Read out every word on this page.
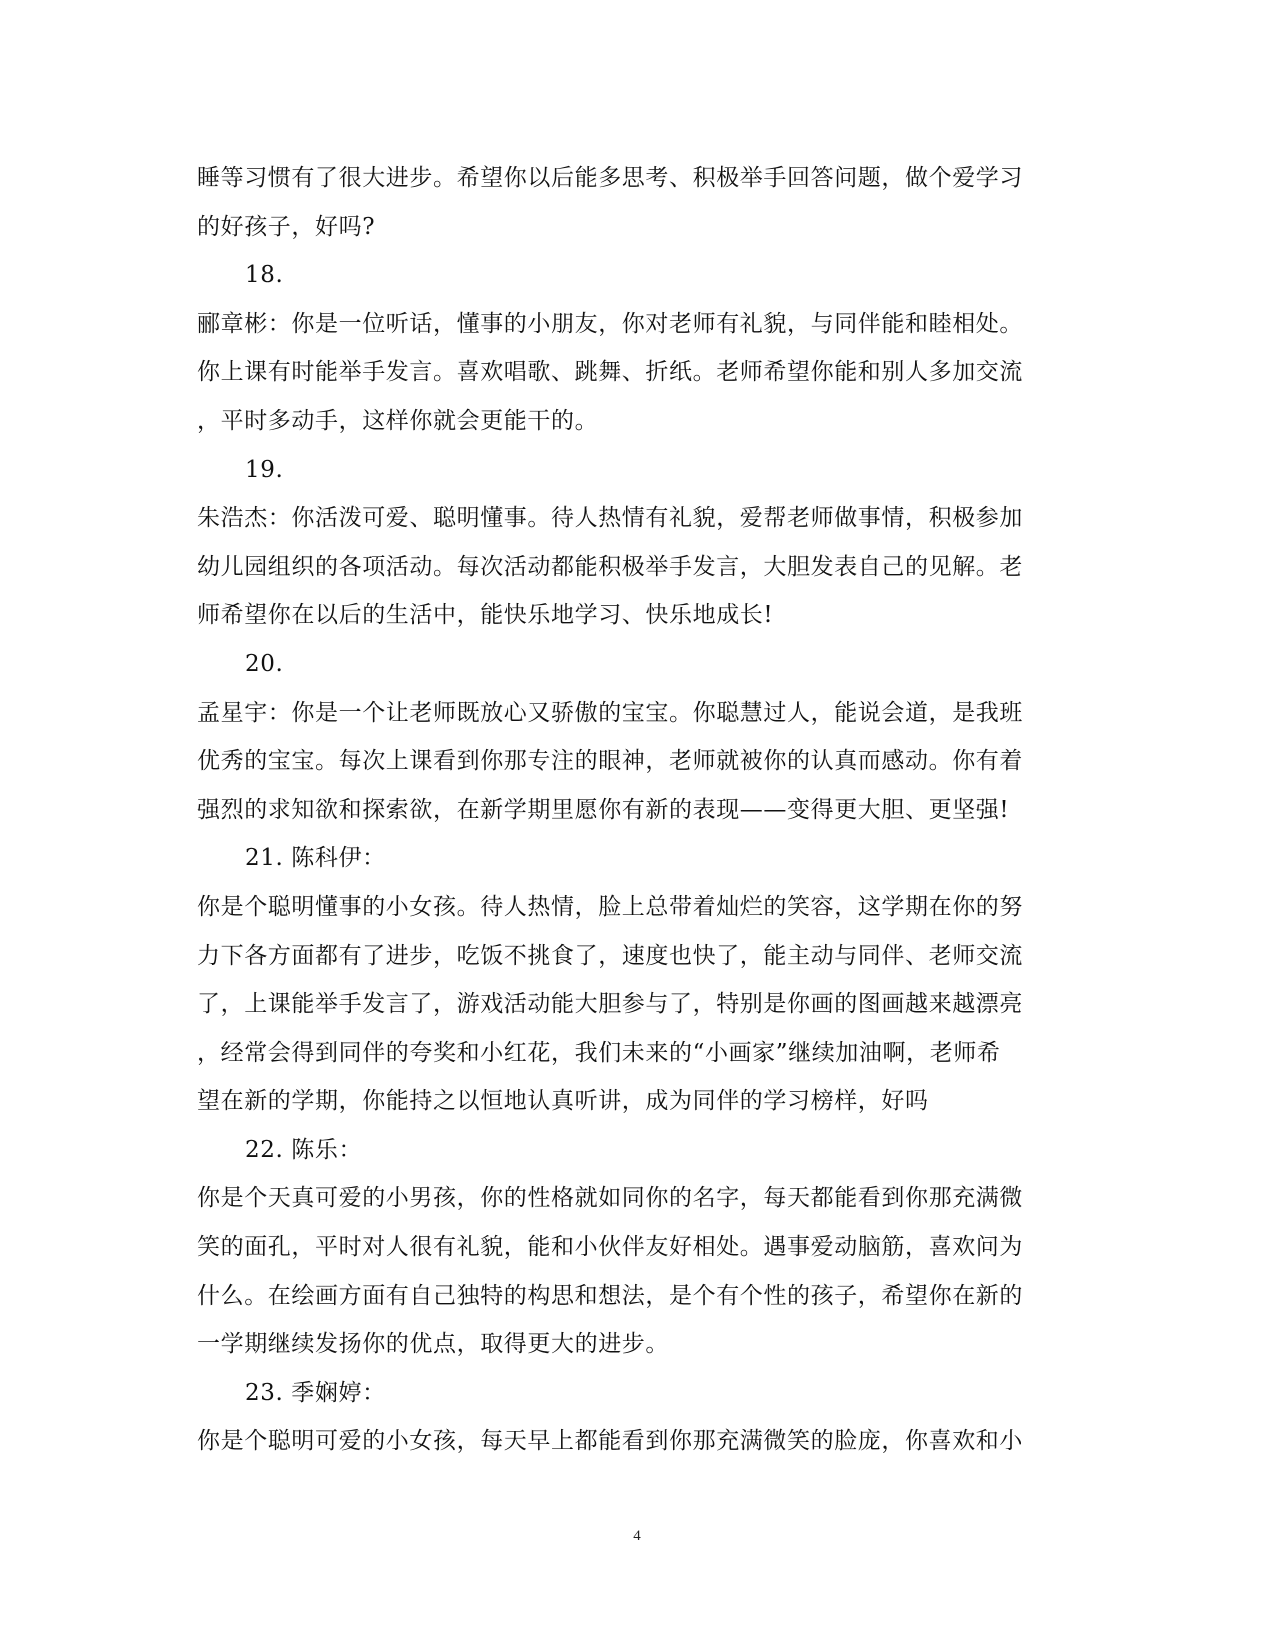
睡等习惯有了很大进步。希望你以后能多思考、积极举手回答问题，做个爱学习
的好孩子，好吗?
18.
郦章彬：你是一位听话，懂事的小朋友，你对老师有礼貌，与同伴能和睦相处。
你上课有时能举手发言。喜欢唱歌、跳舞、折纸。老师希望你能和别人多加交流
，平时多动手，这样你就会更能干的。
19.
朱浩杰：你活泼可爱、聪明懂事。待人热情有礼貌，爱帮老师做事情，积极参加
幼儿园组织的各项活动。每次活动都能积极举手发言，大胆发表自己的见解。老
师希望你在以后的生活中，能快乐地学习、快乐地成长!
20.
孟星宇：你是一个让老师既放心又骄傲的宝宝。你聪慧过人，能说会道，是我班
优秀的宝宝。每次上课看到你那专注的眼神，老师就被你的认真而感动。你有着
强烈的求知欲和探索欲，在新学期里愿你有新的表现——变得更大胆、更坚强!
21. 陈科伊：
你是个聪明懂事的小女孩。待人热情，脸上总带着灿烂的笑容，这学期在你的努
力下各方面都有了进步，吃饭不挑食了，速度也快了，能主动与同伴、老师交流
了，上课能举手发言了，游戏活动能大胆参与了，特别是你画的图画越来越漂亮
，经常会得到同伴的夸奖和小红花，我们未来的“小画家”继续加油啊，老师希
望在新的学期，你能持之以恒地认真听讲，成为同伴的学习榜样，好吗
22. 陈乐：
你是个天真可爱的小男孩，你的性格就如同你的名字，每天都能看到你那充满微
笑的面孔，平时对人很有礼貌，能和小伙伴友好相处。遇事爱动脑筋，喜欢问为
什么。在绘画方面有自己独特的构思和想法，是个有个性的孩子，希望你在新的
一学期继续发扬你的优点，取得更大的进步。
23. 季娴婷：
你是个聪明可爱的小女孩，每天早上都能看到你那充满微笑的脸庞，你喜欢和小
4
